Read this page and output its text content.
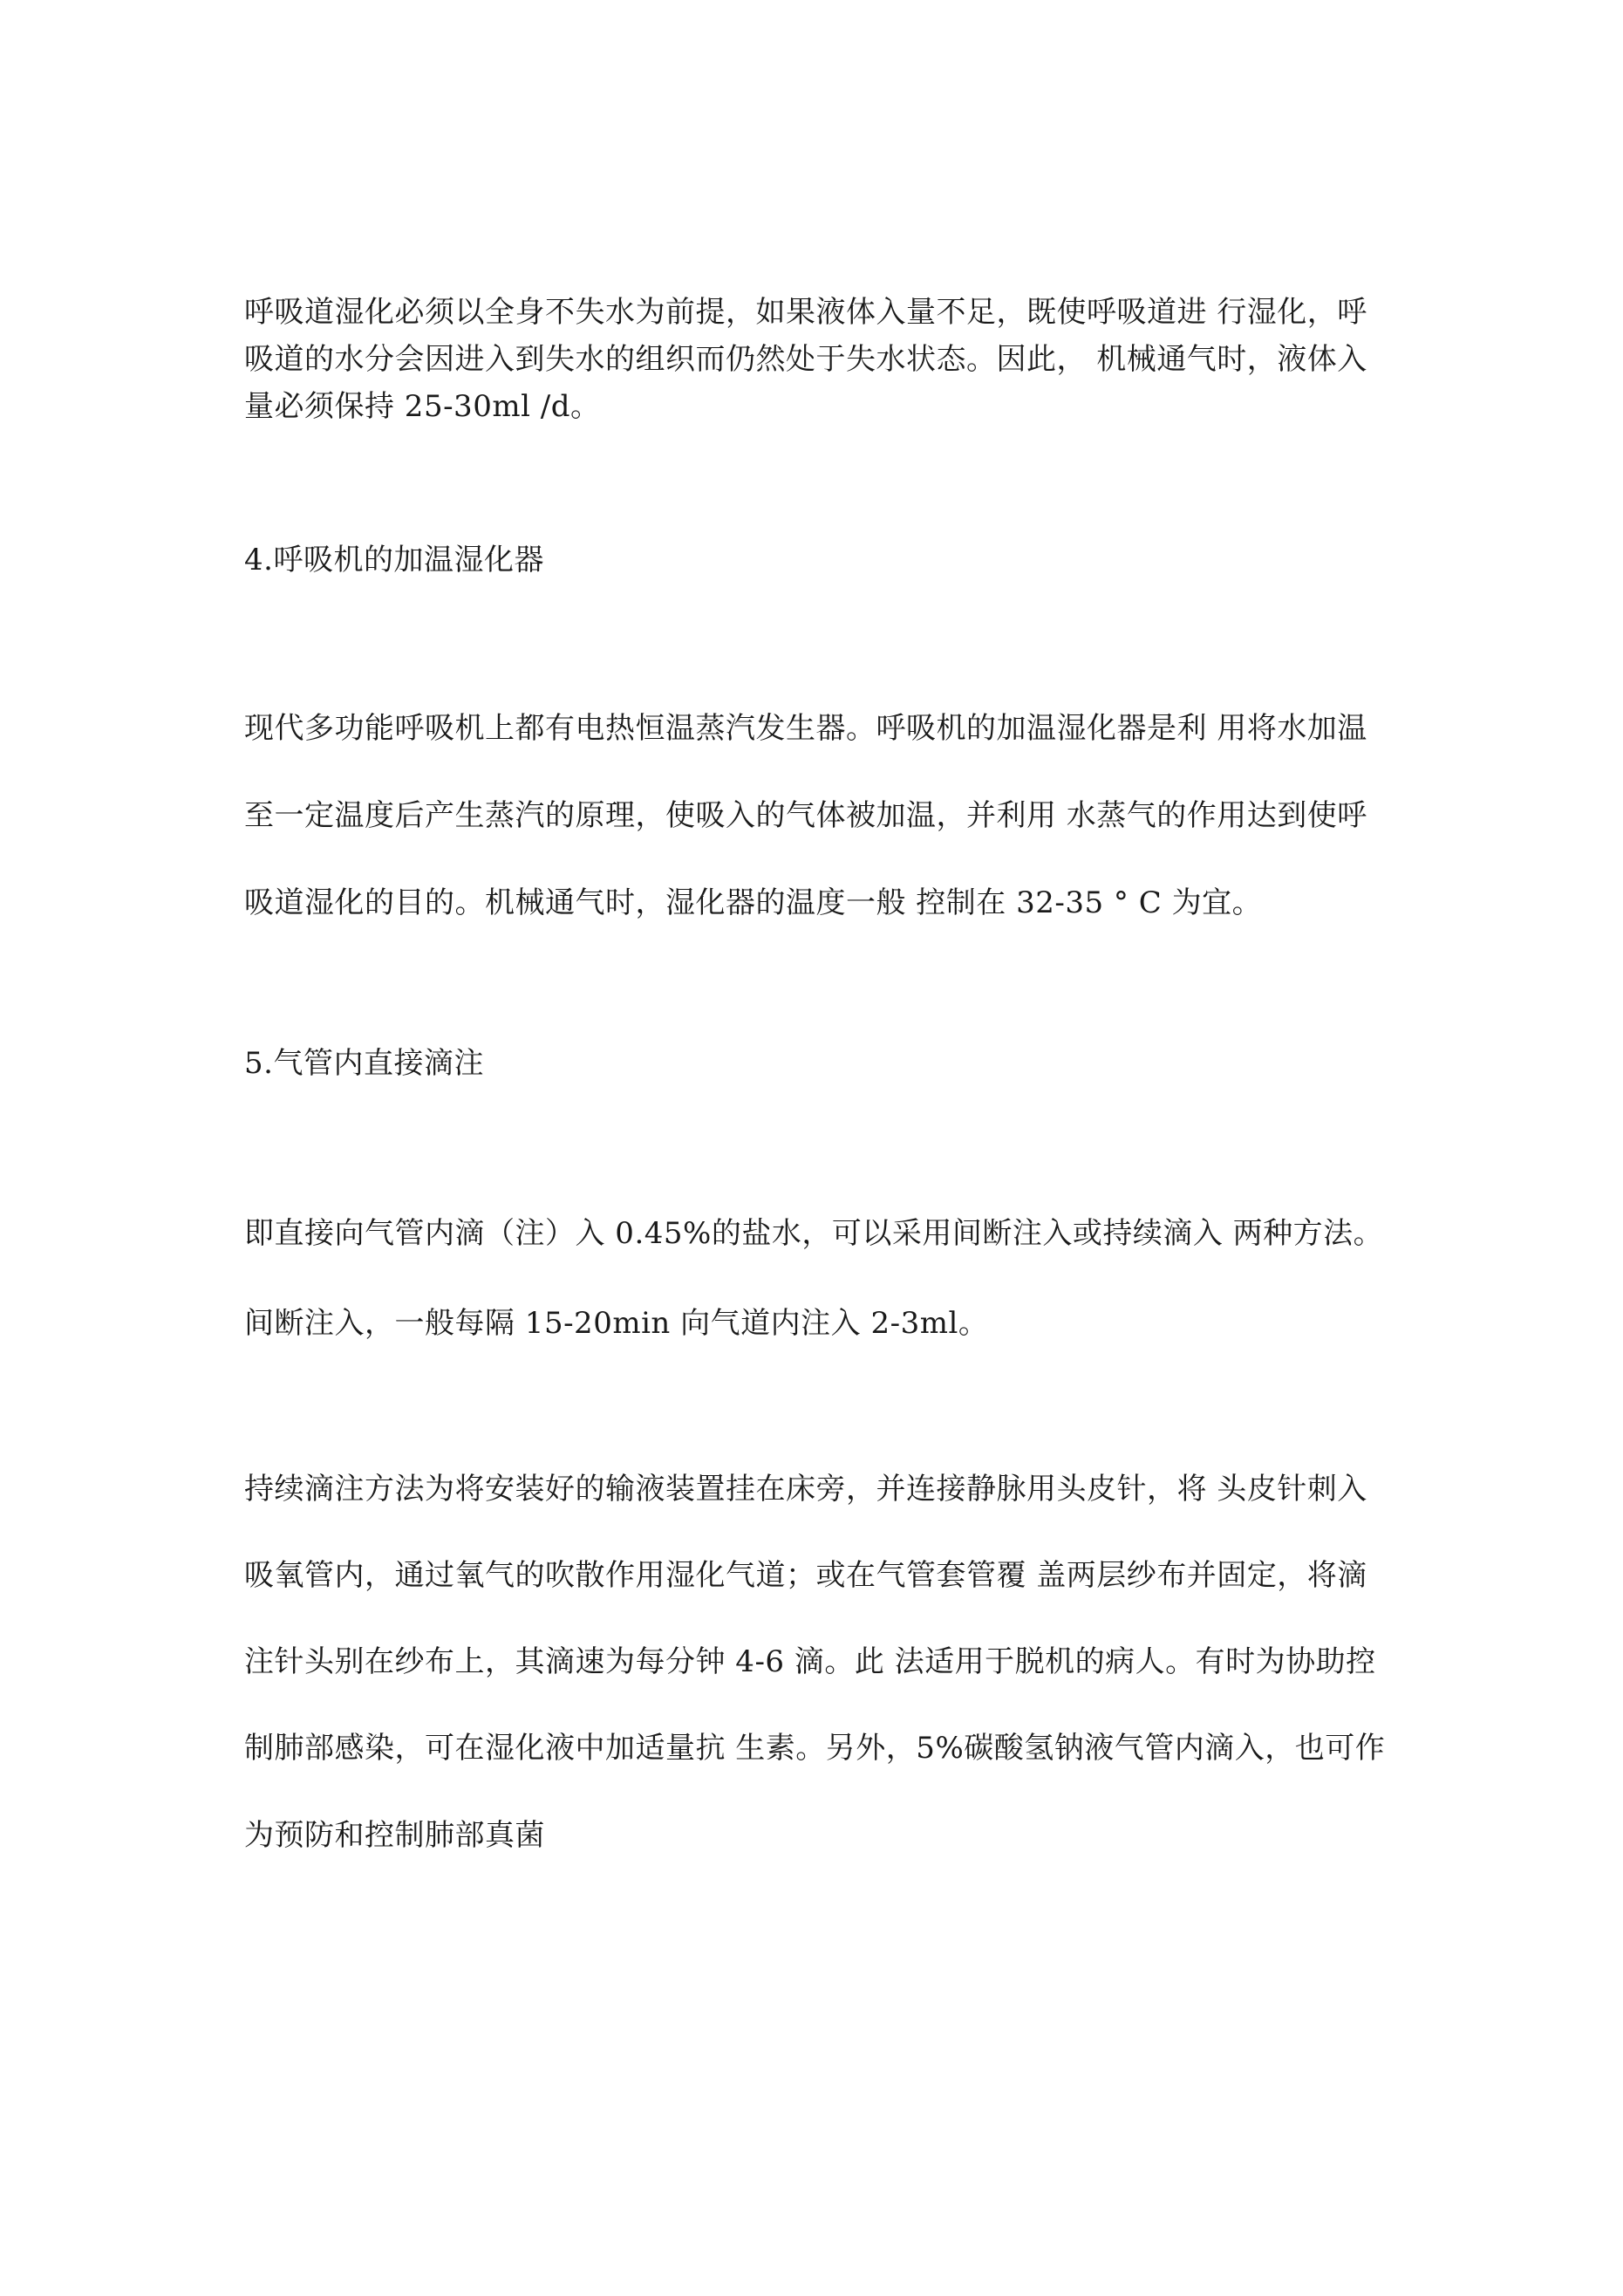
呼吸道湿化必须以全身不失水为前提，如果液体入量不足，既使呼吸道进 行湿化，呼

吸道的水分会因进入到失水的组织而仍然处于失水状态。因此， 机械通气时，液体入

量必须保持 25-30ml /d。

4.呼吸机的加温湿化器

现代多功能呼吸机上都有电热恒温蒸汽发生器。呼吸机的加温湿化器是利 用将水加温

至一定温度后产生蒸汽的原理，使吸入的气体被加温，并利用 水蒸气的作用达到使呼

吸道湿化的目的。机械通气时，湿化器的温度一般 控制在 32-35 ° C 为宜。

5.气管内直接滴注

即直接向气管内滴（注）入 0.45%的盐水，可以采用间断注入或持续滴入 两种方法。

间断注入，一般每隔 15-20min 向气道内注入 2-3ml。

持续滴注方法为将安装好的输液装置挂在床旁，并连接静脉用头皮针，将 头皮针刺入

吸氧管内，通过氧气的吹散作用湿化气道；或在气管套管覆 盖两层纱布并固定，将滴

注针头别在纱布上，其滴速为每分钟 4-6 滴。此 法适用于脱机的病人。有时为协助控

制肺部感染，可在湿化液中加适量抗 生素。另外，5%碳酸氢钠液气管内滴入，也可作

为预防和控制肺部真菌
